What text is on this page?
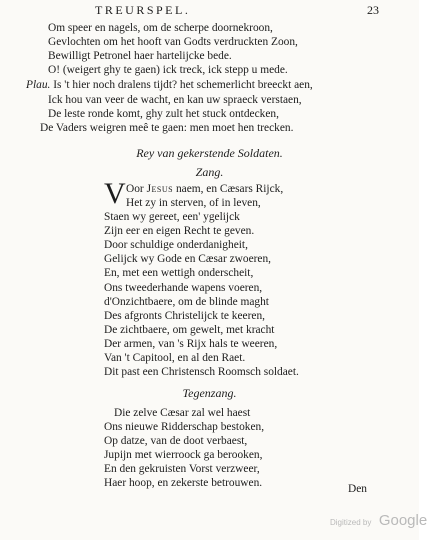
TREURSPEL.	23
Om speer en nagels, om de scherpe doornekroon,
Gevlochten om het hooft van Godts verdruckten Zoon,
Bewilligt Petronel haer hartelijcke bede.
O! (weigert ghy te gaen) ick treck, ick stepp u mede.
Plau. Is 't hier noch dralens tijdt? het schemerlicht breeckt aen,
Ick hou van veer de wacht, en kan uw spraeck verstaen,
De leste ronde komt, ghy zult het stuck ontdecken,
De Vaders weigren meê te gaen: men moet hen trecken.
Rey van gekerstende Soldaten.
Zang.
V Oor Jesus naem, en Cæsars Rijck,
Het zy in sterven, of in leven,
Staen wy gereet, een' ygelijck
Zijn eer en eigen Recht te geven.
Door schuldige onderdanigheit,
Gelijck wy Gode en Cæsar zwoeren,
En, met een wettigh onderscheit,
Ons tweederhande wapens voeren,
d'Onzichtbaere, om de blinde maght
Des afgronts Christelijck te keeren,
De zichtbaere, om gewelt, met kracht
Der armen, van 's Rijx hals te weeren,
Van 't Capitool, en al den Raet.
Dit past een Christensch Roomsch soldaet.
Tegenzang.
Die zelve Cæsar zal wel haest
Ons nieuwe Ridderschap bestoken,
Op datze, van de doot verbaest,
Jupijn met wierroock ga berooken,
En den gekruisten Vorst verzweer,
Haer hoop, en zekerste betrouwen.	Den
Digitized by Google
